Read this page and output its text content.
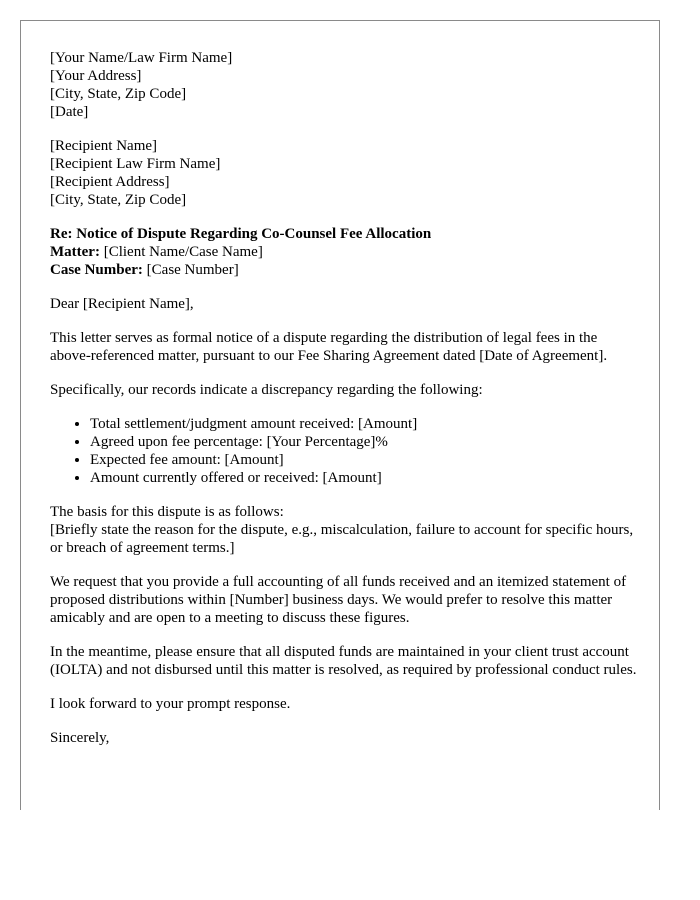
[Your Name/Law Firm Name]
[Your Address]
[City, State, Zip Code]
[Date]
[Recipient Name]
[Recipient Law Firm Name]
[Recipient Address]
[City, State, Zip Code]
Re: Notice of Dispute Regarding Co-Counsel Fee Allocation
Matter: [Client Name/Case Name]
Case Number: [Case Number]

Dear [Recipient Name],

This letter serves as formal notice of a dispute regarding the distribution of legal fees in the above-referenced matter, pursuant to our Fee Sharing Agreement dated [Date of Agreement].

Specifically, our records indicate a discrepancy regarding the following:

• Total settlement/judgment amount received: [Amount]
• Agreed upon fee percentage: [Your Percentage]%
• Expected fee amount: [Amount]
• Amount currently offered or received: [Amount]

The basis for this dispute is as follows:
[Briefly state the reason for the dispute, e.g., miscalculation, failure to account for specific hours, or breach of agreement terms.]

We request that you provide a full accounting of all funds received and an itemized statement of proposed distributions within [Number] business days. We would prefer to resolve this matter amicably and are open to a meeting to discuss these figures.

In the meantime, please ensure that all disputed funds are maintained in your client trust account (IOLTA) and not disbursed until this matter is resolved, as required by professional conduct rules.

I look forward to your prompt response.

Sincerely,
